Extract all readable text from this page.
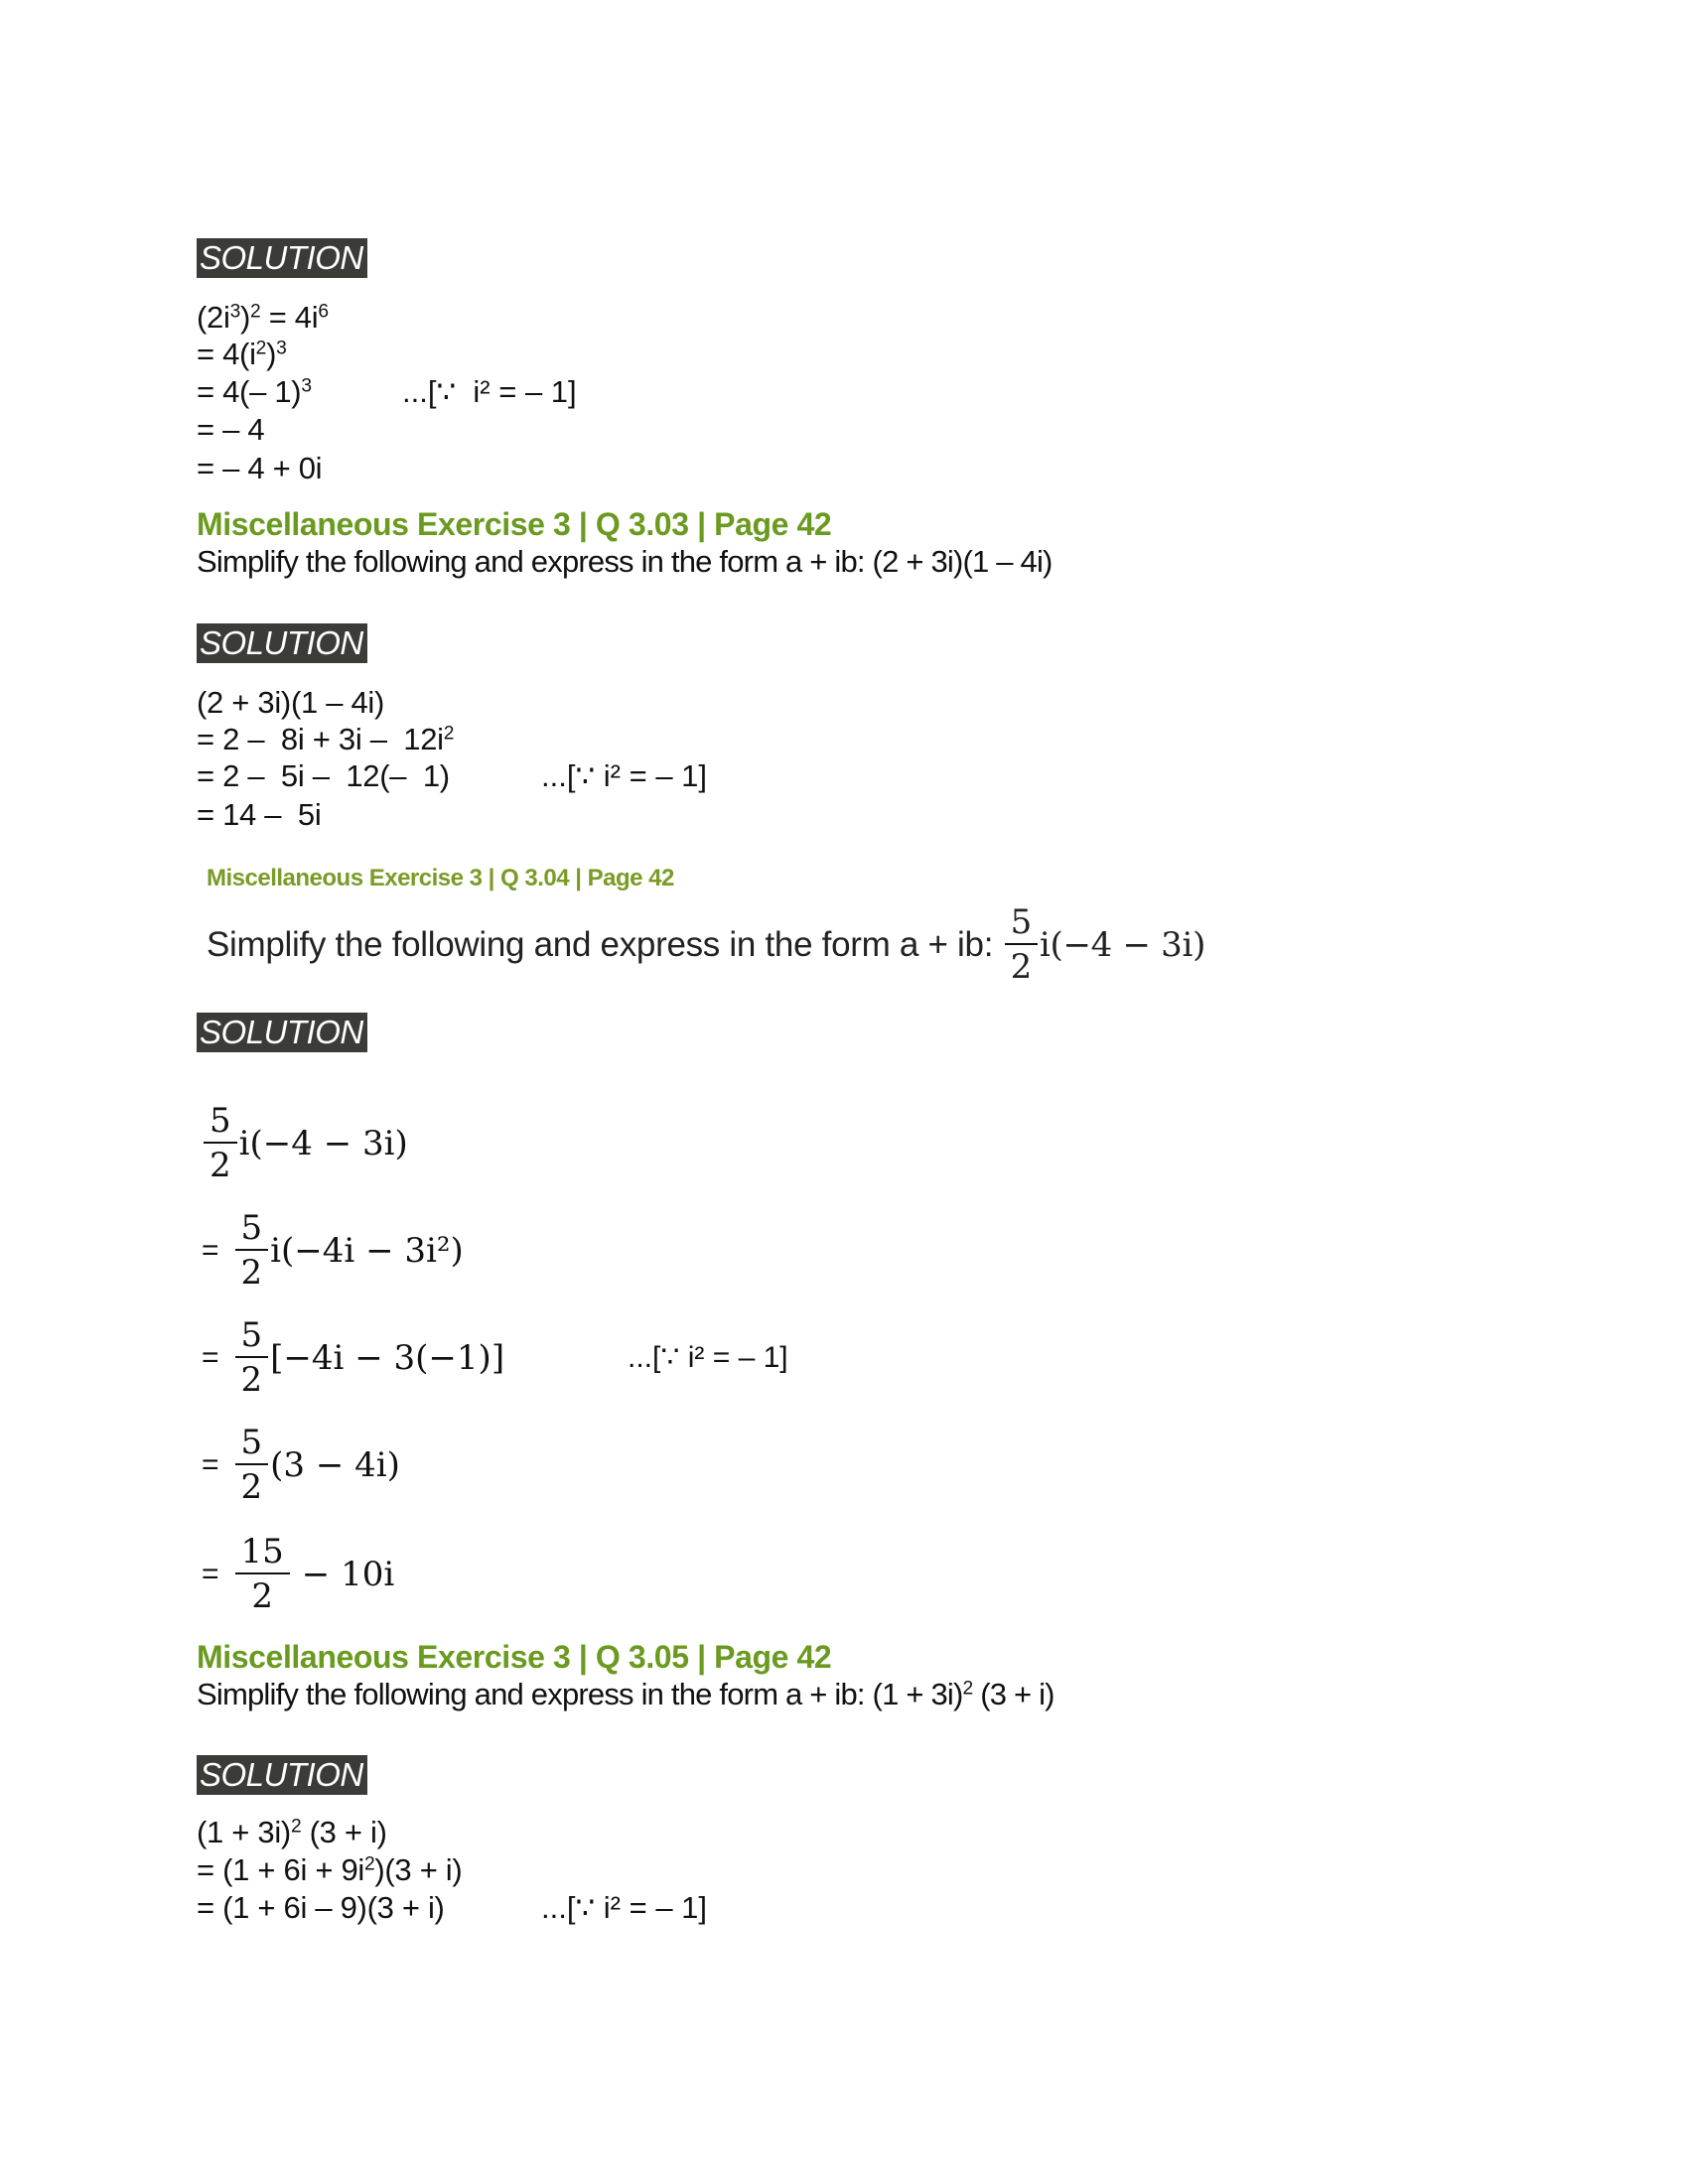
SOLUTION
$(2i^3)^2 = 4i^6$
= $4(i^2)^3$
= 4(– 1)$^3$	...[∵  i² = – 1]
= – 4
= – 4 + 0i
Miscellaneous Exercise 3 | Q 3.03 | Page 42
Simplify the following and express in the form a + ib: (2 + 3i)(1 – 4i)
SOLUTION
(2 + 3i)(1 – 4i)
= $2 - 8i + 3i - 12i^2$
= 2 –  5i –  12(–  1)	...[∵ i² = – 1]
= 14 –  5i
Miscellaneous Exercise 3 | Q 3.04 | Page 42
Simplify the following and express in the form a + ib: $\frac{5}{2} i(-4 - 3i)$
SOLUTION
$\frac{5}{2} i(-4 - 3i)$
= $\frac{5}{2} i(-4i - 3i^2)$
= $\frac{5}{2} [-4i - 3(-1)]$	...[∵ i² = – 1]
= $\frac{5}{2} (3 - 4i)$
= $\frac{15}{2} - 10i$
Miscellaneous Exercise 3 | Q 3.05 | Page 42
Simplify the following and express in the form a + ib: $(1 + 3i)^2$ (3 + i)
SOLUTION
$(1 + 3i)^2$ (3 + i)
= $(1 + 6i + 9i^2)(3 + i)$
= (1 + 6i – 9)(3 + i)	...[∵ i² = – 1]
